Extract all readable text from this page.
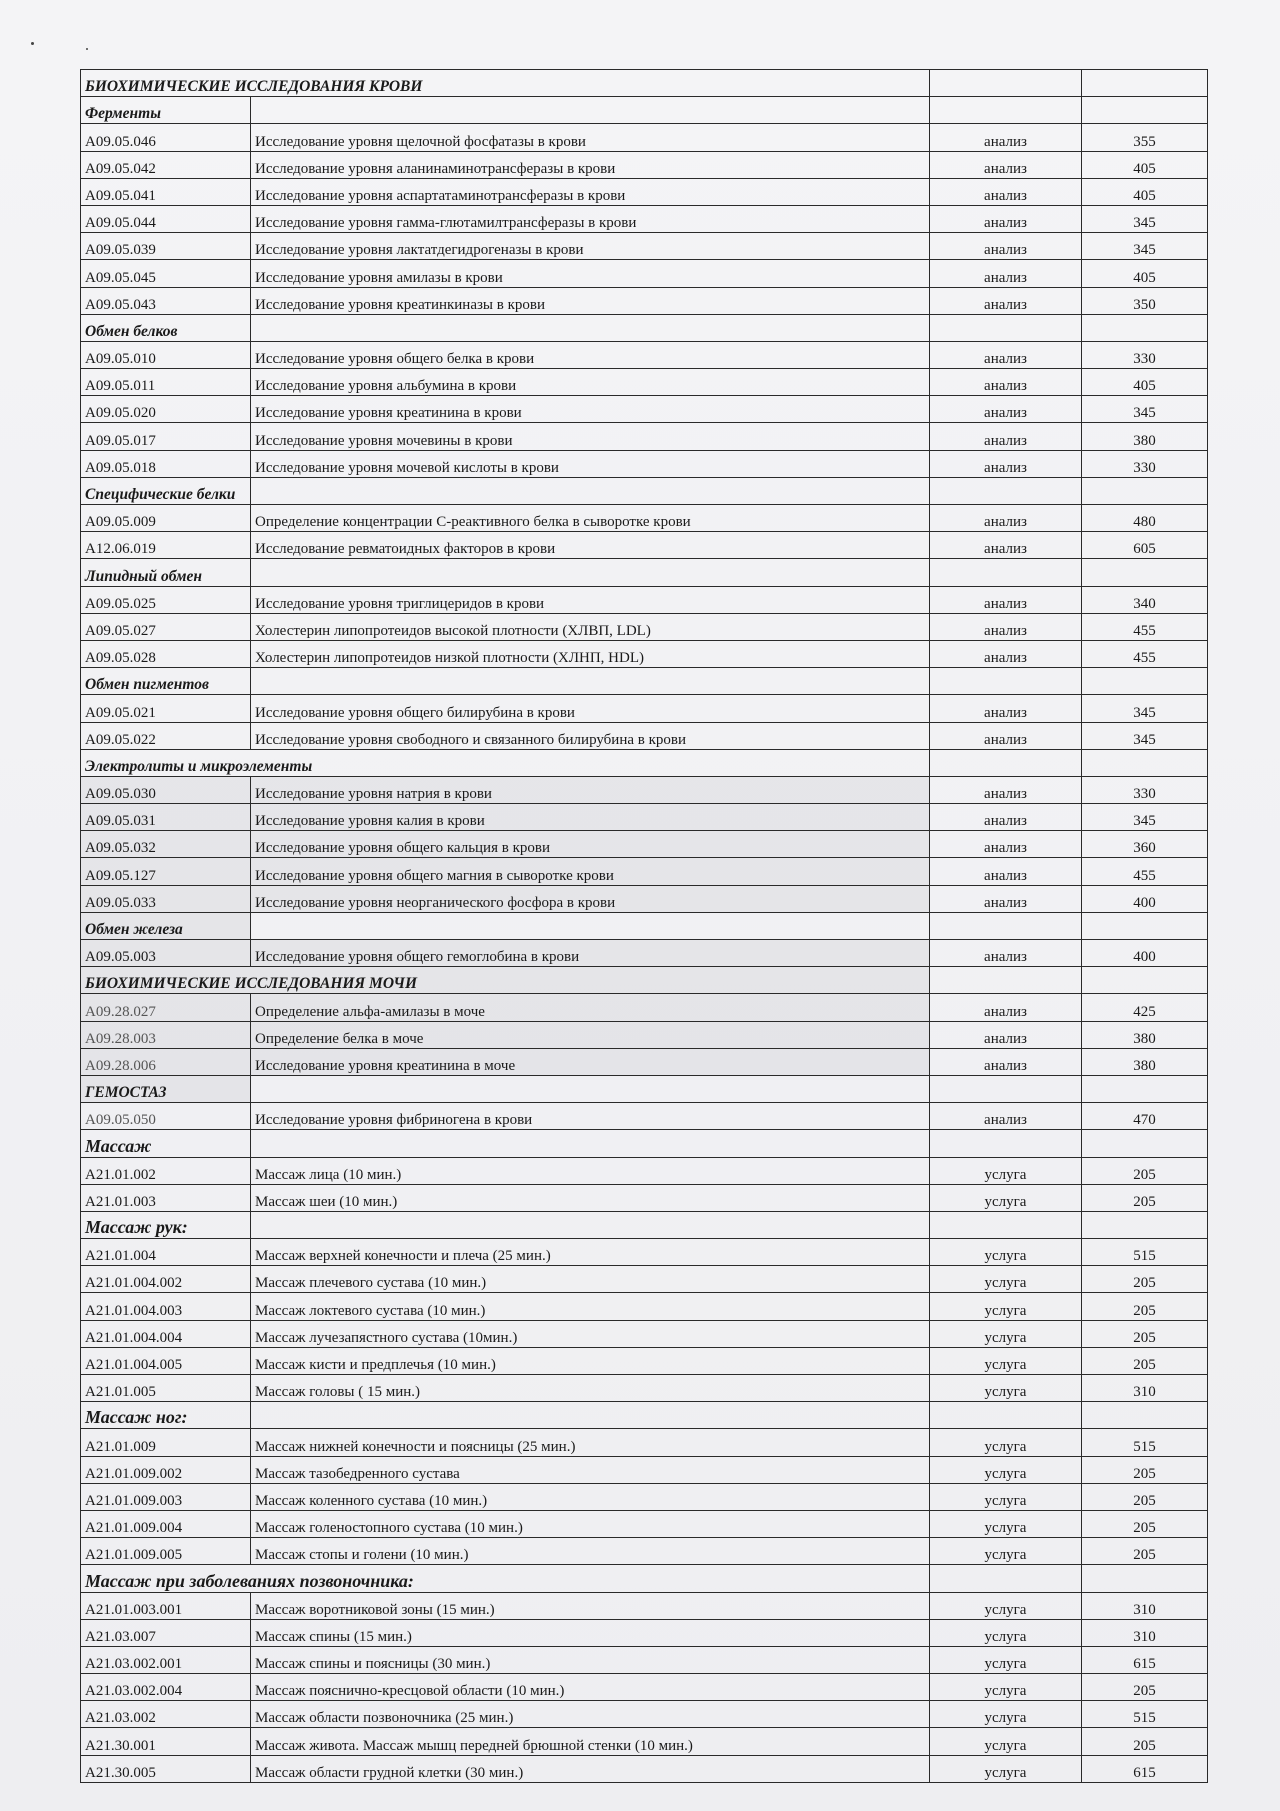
БИОХИМИЧЕСКИЕ ИССЛЕДОВАНИЯ КРОВИ			
Ферменты			
A09.05.046	Исследование уровня щелочной фосфатазы в крови	анализ	355
A09.05.042	Исследование уровня аланинаминотрансферазы в крови	анализ	405
A09.05.041	Исследование уровня аспартатаминотрансферазы в крови	анализ	405
A09.05.044	Исследование уровня гамма-глютамилтрансферазы в крови	анализ	345
A09.05.039	Исследование уровня лактатдегидрогеназы в крови	анализ	345
A09.05.045	Исследование уровня амилазы в крови	анализ	405
A09.05.043	Исследование уровня креатинкиназы в крови	анализ	350
Обмен белков			
A09.05.010	Исследование уровня общего белка в крови	анализ	330
A09.05.011	Исследование уровня альбумина в крови	анализ	405
A09.05.020	Исследование уровня креатинина в крови	анализ	345
A09.05.017	Исследование уровня мочевины в крови	анализ	380
A09.05.018	Исследование уровня мочевой кислоты в крови	анализ	330
Специфические белки			
A09.05.009	Определение концентрации С-реактивного белка в сыворотке крови	анализ	480
A12.06.019	Исследование ревматоидных факторов в крови	анализ	605
Липидный обмен			
A09.05.025	Исследование уровня триглицеридов в крови	анализ	340
A09.05.027	Холестерин липопротеидов высокой плотности (ХЛВП, LDL)	анализ	455
A09.05.028	Холестерин липопротеидов низкой плотности (ХЛНП, HDL)	анализ	455
Обмен пигментов			
A09.05.021	Исследование уровня общего билирубина в крови	анализ	345
A09.05.022	Исследование уровня свободного и связанного билирубина в крови	анализ	345
Электролиты и микроэлементы			
A09.05.030	Исследование уровня натрия в крови	анализ	330
A09.05.031	Исследование уровня калия в крови	анализ	345
A09.05.032	Исследование уровня общего кальция в крови	анализ	360
A09.05.127	Исследование уровня общего магния в сыворотке крови	анализ	455
A09.05.033	Исследование уровня неорганического фосфора в крови	анализ	400
Обмен железа			
A09.05.003	Исследование уровня общего гемоглобина в крови	анализ	400
БИОХИМИЧЕСКИЕ ИССЛЕДОВАНИЯ МОЧИ			
A09.28.027	Определение альфа-амилазы в моче	анализ	425
A09.28.003	Определение белка в моче	анализ	380
A09.28.006	Исследование уровня креатинина в моче	анализ	380
ГЕМОСТАЗ			
A09.05.050	Исследование уровня фибриногена в крови	анализ	470
Массаж			
A21.01.002	Массаж лица (10 мин.)	услуга	205
A21.01.003	Массаж шеи (10 мин.)	услуга	205
Массаж рук:			
A21.01.004	Массаж верхней конечности и плеча (25 мин.)	услуга	515
A21.01.004.002	Массаж плечевого сустава (10 мин.)	услуга	205
A21.01.004.003	Массаж локтевого сустава (10 мин.)	услуга	205
A21.01.004.004	Массаж лучезапястного сустава (10мин.)	услуга	205
A21.01.004.005	Массаж кисти и предплечья (10 мин.)	услуга	205
A21.01.005	Массаж головы ( 15 мин.)	услуга	310
Массаж ног:			
A21.01.009	Массаж нижней конечности и поясницы (25 мин.)	услуга	515
A21.01.009.002	Массаж тазобедренного сустава	услуга	205
A21.01.009.003	Массаж коленного сустава (10 мин.)	услуга	205
A21.01.009.004	Массаж голеностопного сустава (10 мин.)	услуга	205
A21.01.009.005	Массаж стопы и голени (10 мин.)	услуга	205
Массаж при заболеваниях позвоночника:			
A21.01.003.001	Массаж воротниковой зоны (15 мин.)	услуга	310
A21.03.007	Массаж спины (15 мин.)	услуга	310
A21.03.002.001	Массаж спины и поясницы (30 мин.)	услуга	615
A21.03.002.004	Массаж пояснично-кресцовой области (10 мин.)	услуга	205
A21.03.002	Массаж области позвоночника (25 мин.)	услуга	515
A21.30.001	Массаж живота. Массаж мышц передней брюшной стенки (10 мин.)	услуга	205
A21.30.005	Массаж области грудной клетки (30 мин.)	услуга	615
